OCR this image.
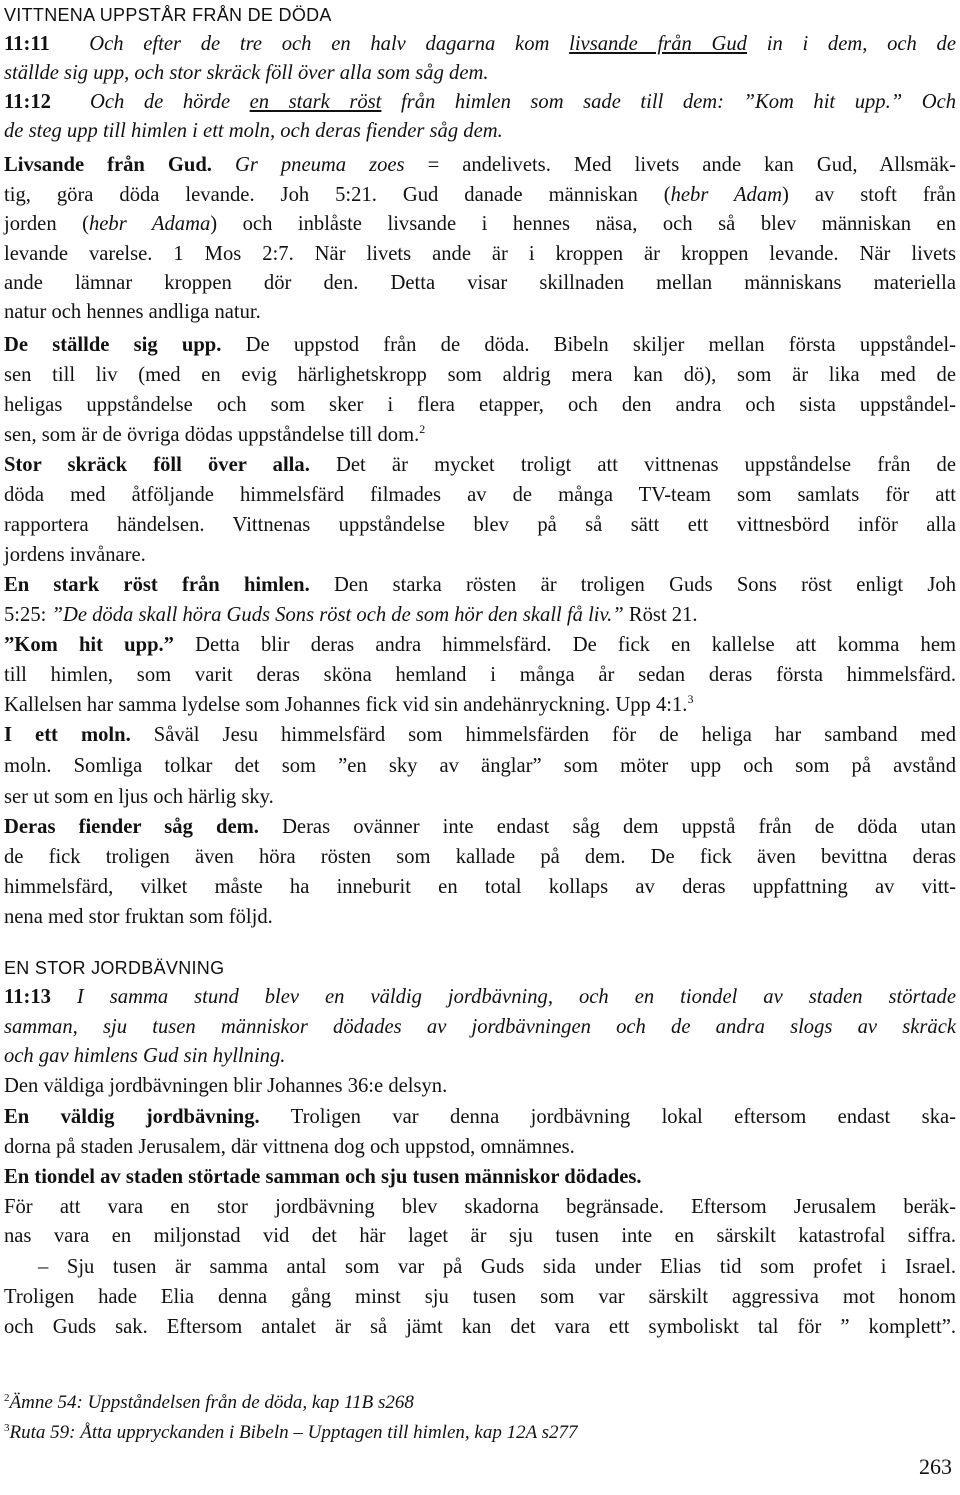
VITTNENA UPPSTÅR FRÅN DE DÖDA
11:11 Och efter de tre och en halv dagarna kom livsande från Gud in i dem, och de
ställde sig upp, och stor skräck föll över alla som såg dem.
11:12 Och de hörde en stark röst från himlen som sade till dem: ”Kom hit upp.” Och
de steg upp till himlen i ett moln, och deras fiender såg dem.
Livsande från Gud. Gr pneuma zoes = andelivets. Med livets ande kan Gud, Allsmäk-
tig, göra döda levande. Joh 5:21. Gud danade människan (hebr Adam) av stoft från
jorden (hebr Adama) och inblåste livsande i hennes näsa, och så blev människan en
levande varelse. 1 Mos 2:7. När livets ande är i kroppen är kroppen levande. När livets
ande lämnar kroppen dör den. Detta visar skillnaden mellan människans materiella
natur och hennes andliga natur.
De ställde sig upp. De uppstod från de döda. Bibeln skiljer mellan första uppståndel-
sen till liv (med en evig härlighetskropp som aldrig mera kan dö), som är lika med de
heligas uppståndelse och som sker i flera etapper, och den andra och sista uppståndel-
sen, som är de övriga dödas uppståndelse till dom.$^2$
Stor skräck föll över alla. Det är mycket troligt att vittnenas uppståndelse från de
döda med åtföljande himmelsfärd filmades av de många TV-team som samlats för att
rapportera händelsen. Vittnenas uppståndelse blev på så sätt ett vittnesbörd inför alla
jordens invånare.
En stark röst från himlen. Den starka rösten är troligen Guds Sons röst enligt Joh
5:25: ”De döda skall höra Guds Sons röst och de som hör den skall få liv.” Röst 21.
”Kom hit upp.” Detta blir deras andra himmelsfärd. De fick en kallelse att komma hem
till himlen, som varit deras sköna hemland i många år sedan deras första himmelsfärd.
Kallelsen har samma lydelse som Johannes fick vid sin andehänryckning. Upp 4:1.$^3$
I ett moln. Såväl Jesu himmelsfärd som himmelsfärden för de heliga har samband med
moln. Somliga tolkar det som ”en sky av änglar” som möter upp och som på avstånd
ser ut som en ljus och härlig sky.
Deras fiender såg dem. Deras ovänner inte endast såg dem uppstå från de döda utan
de fick troligen även höra rösten som kallade på dem. De fick även bevittna deras
himmelsfärd, vilket måste ha inneburit en total kollaps av deras uppfattning av vitt-
nena med stor fruktan som följd.
EN STOR JORDBÄVNING
11:13 I samma stund blev en väldig jordbävning, och en tiondel av staden störtade
samman, sju tusen människor dödades av jordbävningen och de andra slogs av skräck
och gav himlens Gud sin hyllning.
Den väldiga jordbävningen blir Johannes 36:e delsyn.
En väldig jordbävning. Troligen var denna jordbävning lokal eftersom endast ska-
dorna på staden Jerusalem, där vittnena dog och uppstod, omnämnes.
En tiondel av staden störtade samman och sju tusen människor dödades.
För att vara en stor jordbävning blev skadorna begränsade. Eftersom Jerusalem beräk-
nas vara en miljonstad vid det här laget är sju tusen inte en särskilt katastrofal siffra.
– Sju tusen är samma antal som var på Guds sida under Elias tid som profet i Israel.
Troligen hade Elia denna gång minst sju tusen som var särskilt aggressiva mot honom
och Guds sak. Eftersom antalet är så jämt kan det vara ett symboliskt tal för ” komplett”.
$^2$Ämne 54: Uppståndelsen från de döda, kap 11B s268
$^3$Ruta 59: Åtta uppryckanden i Bibeln – Upptagen till himlen, kap 12A s277
263
